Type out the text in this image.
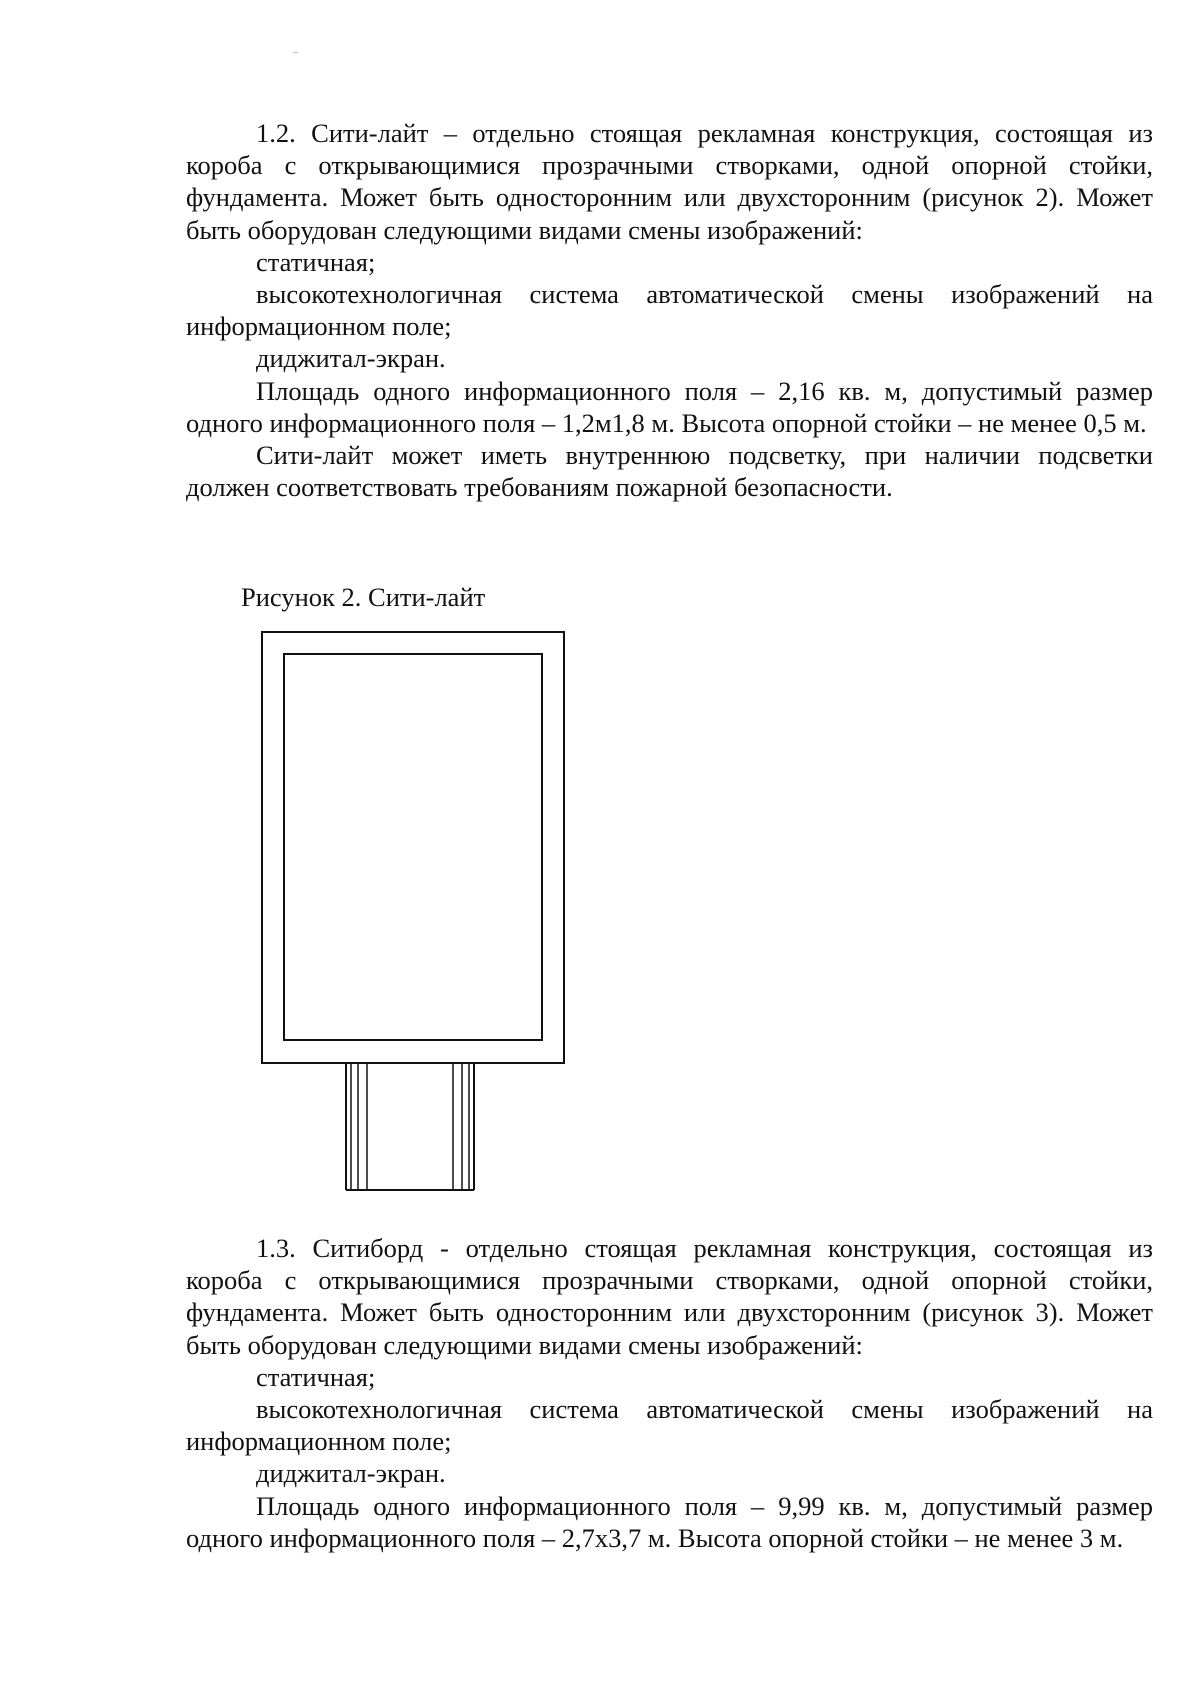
1.2. Сити-лайт – отдельно стоящая рекламная конструкция, состоящая из короба с открывающимися прозрачными створками, одной опорной стойки, фундамента. Может быть односторонним или двухсторонним (рисунок 2). Может быть оборудован следующими видами смены изображений:

статичная;

высокотехнологичная система автоматической смены изображений на информационном поле;

диджитал-экран.

Площадь одного информационного поля – 2,16 кв. м, допустимый размер одного информационного поля – 1,2м1,8 м. Высота опорной стойки – не менее 0,5 м.

Сити-лайт может иметь внутреннюю подсветку, при наличии подсветки должен соответствовать требованиям пожарной безопасности.

Рисунок 2. Сити-лайт

1.3. Ситиборд - отдельно стоящая рекламная конструкция, состоящая из короба с открывающимися прозрачными створками, одной опорной стойки, фундамента. Может быть односторонним или двухсторонним (рисунок 3). Может быть оборудован следующими видами смены изображений:

статичная;

высокотехнологичная система автоматической смены изображений на информационном поле;

диджитал-экран.

Площадь одного информационного поля – 9,99 кв. м, допустимый размер одного информационного поля – 2,7х3,7 м. Высота опорной стойки – не менее 3 м.
